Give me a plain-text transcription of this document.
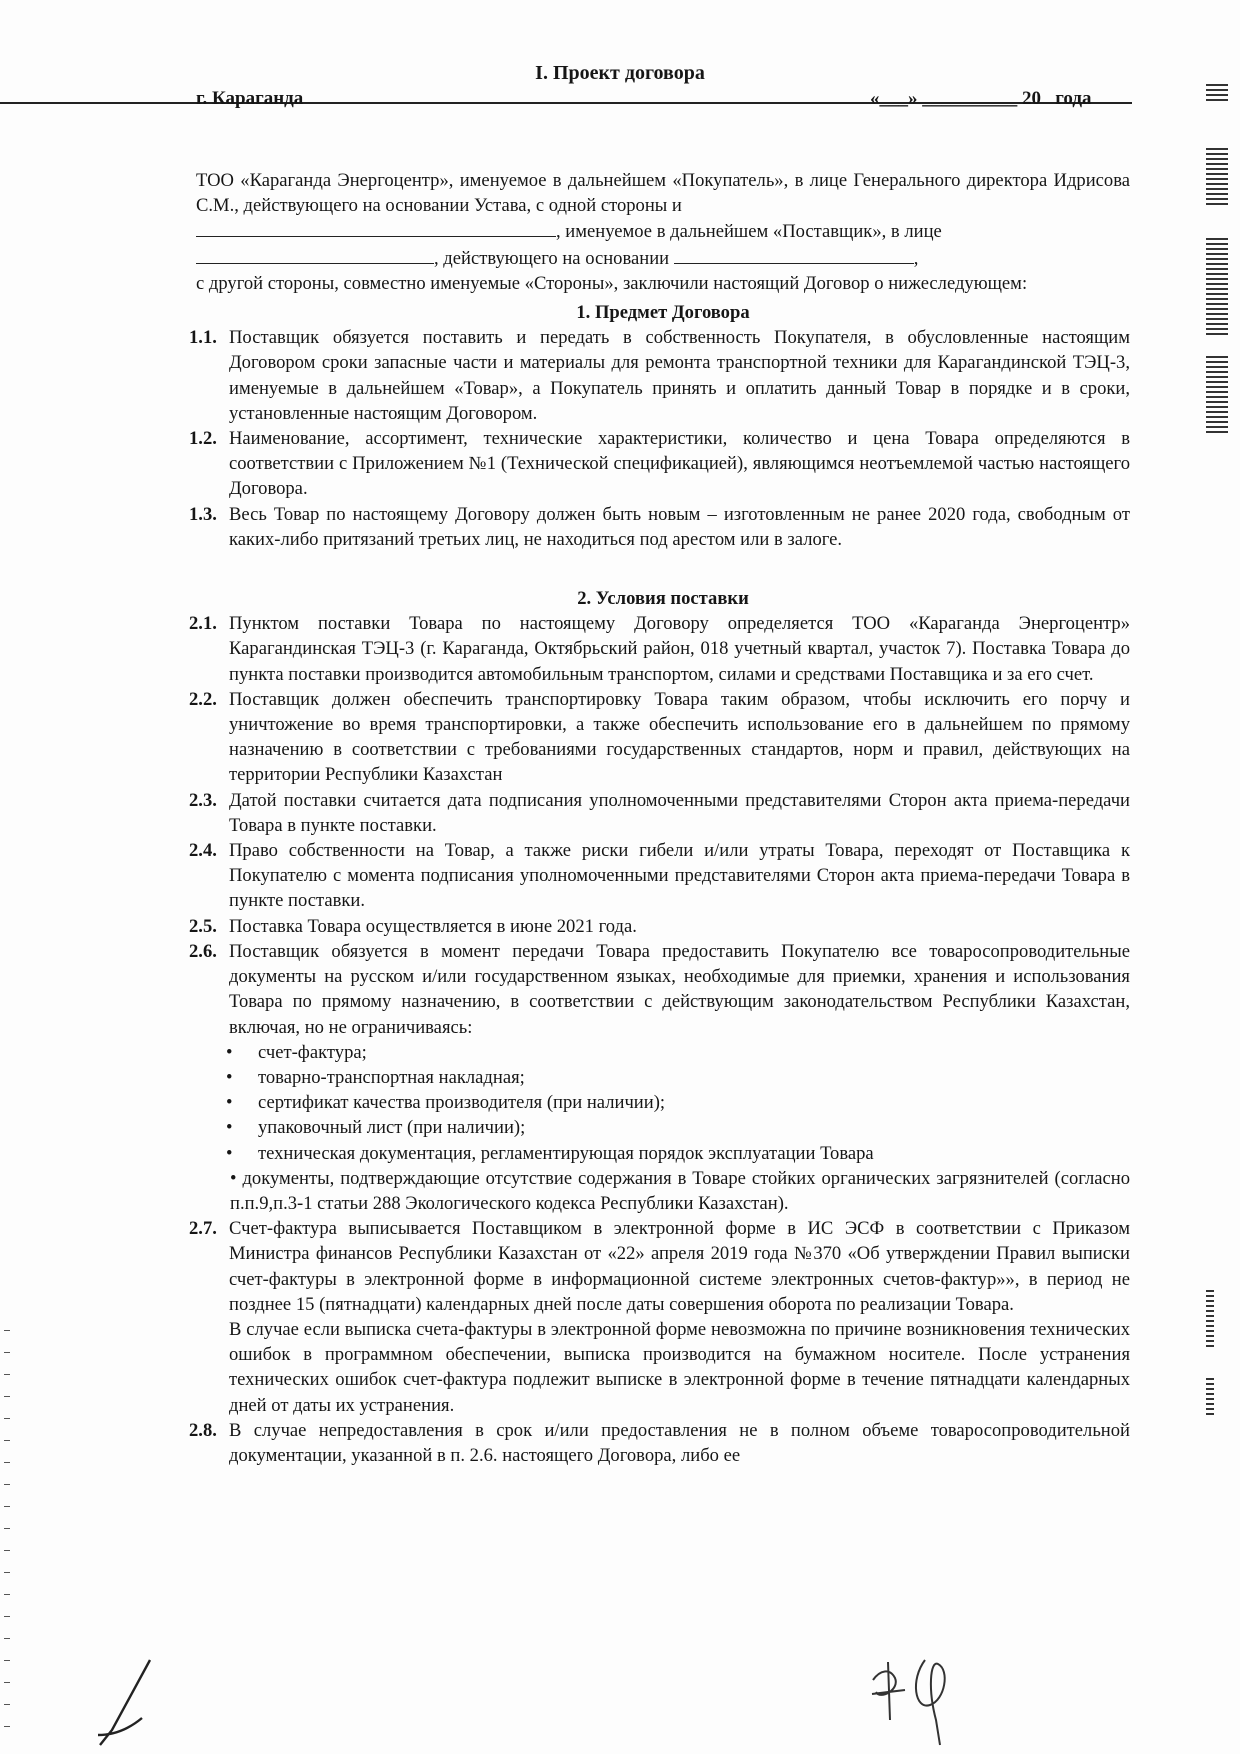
I. Проект договора
г. Караганда	«___» __________ 20   года
ТОО «Караганда Энергоцентр», именуемое в дальнейшем «Покупатель», в лице Генерального директора Идрисова С.М., действующего на основании Устава, с одной стороны и
, именуемое в дальнейшем «Поставщик», в лице
, действующего на основании	,
с другой стороны, совместно именуемые «Стороны», заключили настоящий Договор о нижеследующем:
1. Предмет Договора
1.1. Поставщик обязуется поставить и передать в собственность Покупателя, в обусловленные настоящим Договором сроки запасные части и материалы для ремонта транспортной техники для Карагандинской ТЭЦ-3, именуемые в дальнейшем «Товар», а Покупатель принять и оплатить данный Товар в порядке и в сроки, установленные настоящим Договором.
1.2. Наименование, ассортимент, технические характеристики, количество и цена Товара определяются в соответствии с Приложением №1 (Технической спецификацией), являющимся неотъемлемой частью настоящего Договора.
1.3. Весь Товар по настоящему Договору должен быть новым – изготовленным не ранее 2020 года, свободным от каких-либо притязаний третьих лиц, не находиться под арестом или в залоге.
2. Условия поставки
2.1. Пунктом поставки Товара по настоящему Договору определяется ТОО «Караганда Энергоцентр» Карагандинская ТЭЦ-3 (г. Караганда, Октябрьский район, 018 учетный квартал, участок 7). Поставка Товара до пункта поставки производится автомобильным транспортом, силами и средствами Поставщика и за его счет.
2.2. Поставщик должен обеспечить транспортировку Товара таким образом, чтобы исключить его порчу и уничтожение во время транспортировки, а также обеспечить использование его в дальнейшем по прямому назначению в соответствии с требованиями государственных стандартов, норм и правил, действующих на территории Республики Казахстан
2.3. Датой поставки считается дата подписания уполномоченными представителями Сторон акта приема-передачи Товара в пункте поставки.
2.4. Право собственности на Товар, а также риски гибели и/или утраты Товара, переходят от Поставщика к Покупателю с момента подписания уполномоченными представителями Сторон акта приема-передачи Товара в пункте поставки.
2.5. Поставка Товара осуществляется в июне 2021 года.
2.6. Поставщик обязуется в момент передачи Товара предоставить Покупателю все товаросопроводительные документы на русском и/или государственном языках, необходимые для приемки, хранения и использования Товара по прямому назначению, в соответствии с действующим законодательством Республики Казахстан, включая, но не ограничиваясь:
• счет-фактура;
• товарно-транспортная накладная;
• сертификат качества производителя (при наличии);
• упаковочный лист (при наличии);
• техническая документация, регламентирующая порядок эксплуатации Товара
• документы, подтверждающие отсутствие содержания в Товаре стойких органических загрязнителей (согласно п.п.9,п.3-1 статьи 288 Экологического кодекса Республики Казахстан).
2.7. Счет-фактура выписывается Поставщиком в электронной форме в ИС ЭСФ в соответствии с Приказом Министра финансов Республики Казахстан от «22» апреля 2019 года №370 «Об утверждении Правил выписки счет-фактуры в электронной форме в информационной системе электронных счетов-фактур»», в период не позднее 15 (пятнадцати) календарных дней после даты совершения оборота по реализации Товара.
В случае если выписка счета-фактуры в электронной форме невозможна по причине возникновения технических ошибок в программном обеспечении, выписка производится на бумажном носителе. После устранения технических ошибок счет-фактура подлежит выписке в электронной форме в течение пятнадцати календарных дней от даты их устранения.
2.8. В случае непредоставления в срок и/или предоставления не в полном объеме товаросопроводительной документации, указанной в п. 2.6. настоящего Договора, либо ее
